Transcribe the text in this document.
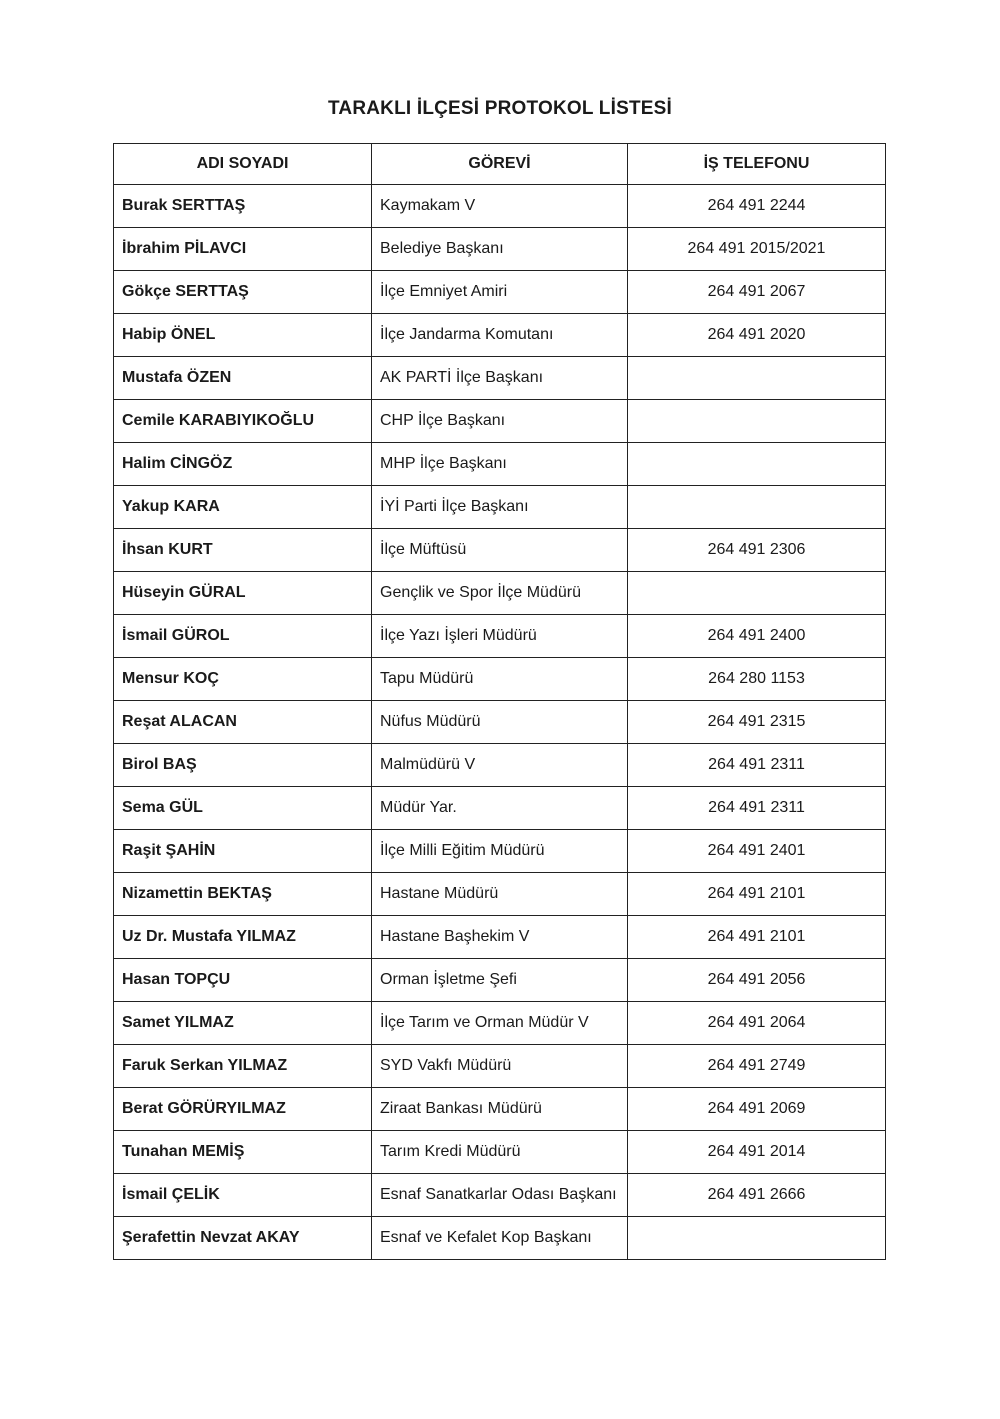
TARAKLI İLÇESİ PROTOKOL LİSTESİ
ADI SOYADI	GÖREVİ	İŞ TELEFONU
Burak SERTTAŞ	Kaymakam V	264 491 2244
İbrahim PİLAVCI	Belediye Başkanı	264 491 2015/2021
Gökçe SERTTAŞ	İlçe Emniyet Amiri	264 491 2067
Habip ÖNEL	İlçe Jandarma Komutanı	264 491 2020
Mustafa ÖZEN	AK PARTİ İlçe Başkanı	
Cemile KARABIYIKOĞLU	CHP İlçe Başkanı	
Halim CİNGÖZ	MHP İlçe Başkanı	
Yakup KARA	İYİ Parti İlçe Başkanı	
İhsan KURT	İlçe Müftüsü	264 491 2306
Hüseyin GÜRAL	Gençlik ve Spor İlçe Müdürü	
İsmail GÜROL	İlçe Yazı İşleri Müdürü	264 491 2400
Mensur KOÇ	Tapu Müdürü	264 280 1153
Reşat ALACAN	Nüfus Müdürü	264 491 2315
Birol BAŞ	Malmüdürü V	264 491 2311
Sema GÜL	Müdür Yar.	264 491 2311
Raşit ŞAHİN	İlçe Milli Eğitim Müdürü	264 491 2401
Nizamettin BEKTAŞ	Hastane Müdürü	264 491 2101
Uz Dr. Mustafa YILMAZ	Hastane Başhekim V	264 491 2101
Hasan TOPÇU	Orman İşletme Şefi	264 491 2056
Samet YILMAZ	İlçe Tarım ve Orman Müdür V	264 491 2064
Faruk Serkan YILMAZ	SYD Vakfı Müdürü	264 491 2749
Berat GÖRÜRYILMAZ	Ziraat Bankası Müdürü	264 491 2069
Tunahan MEMİŞ	Tarım Kredi Müdürü	264 491 2014
İsmail ÇELİK	Esnaf Sanatkarlar Odası Başkanı	264 491 2666
Şerafettin Nevzat AKAY	Esnaf ve Kefalet Kop Başkanı	
